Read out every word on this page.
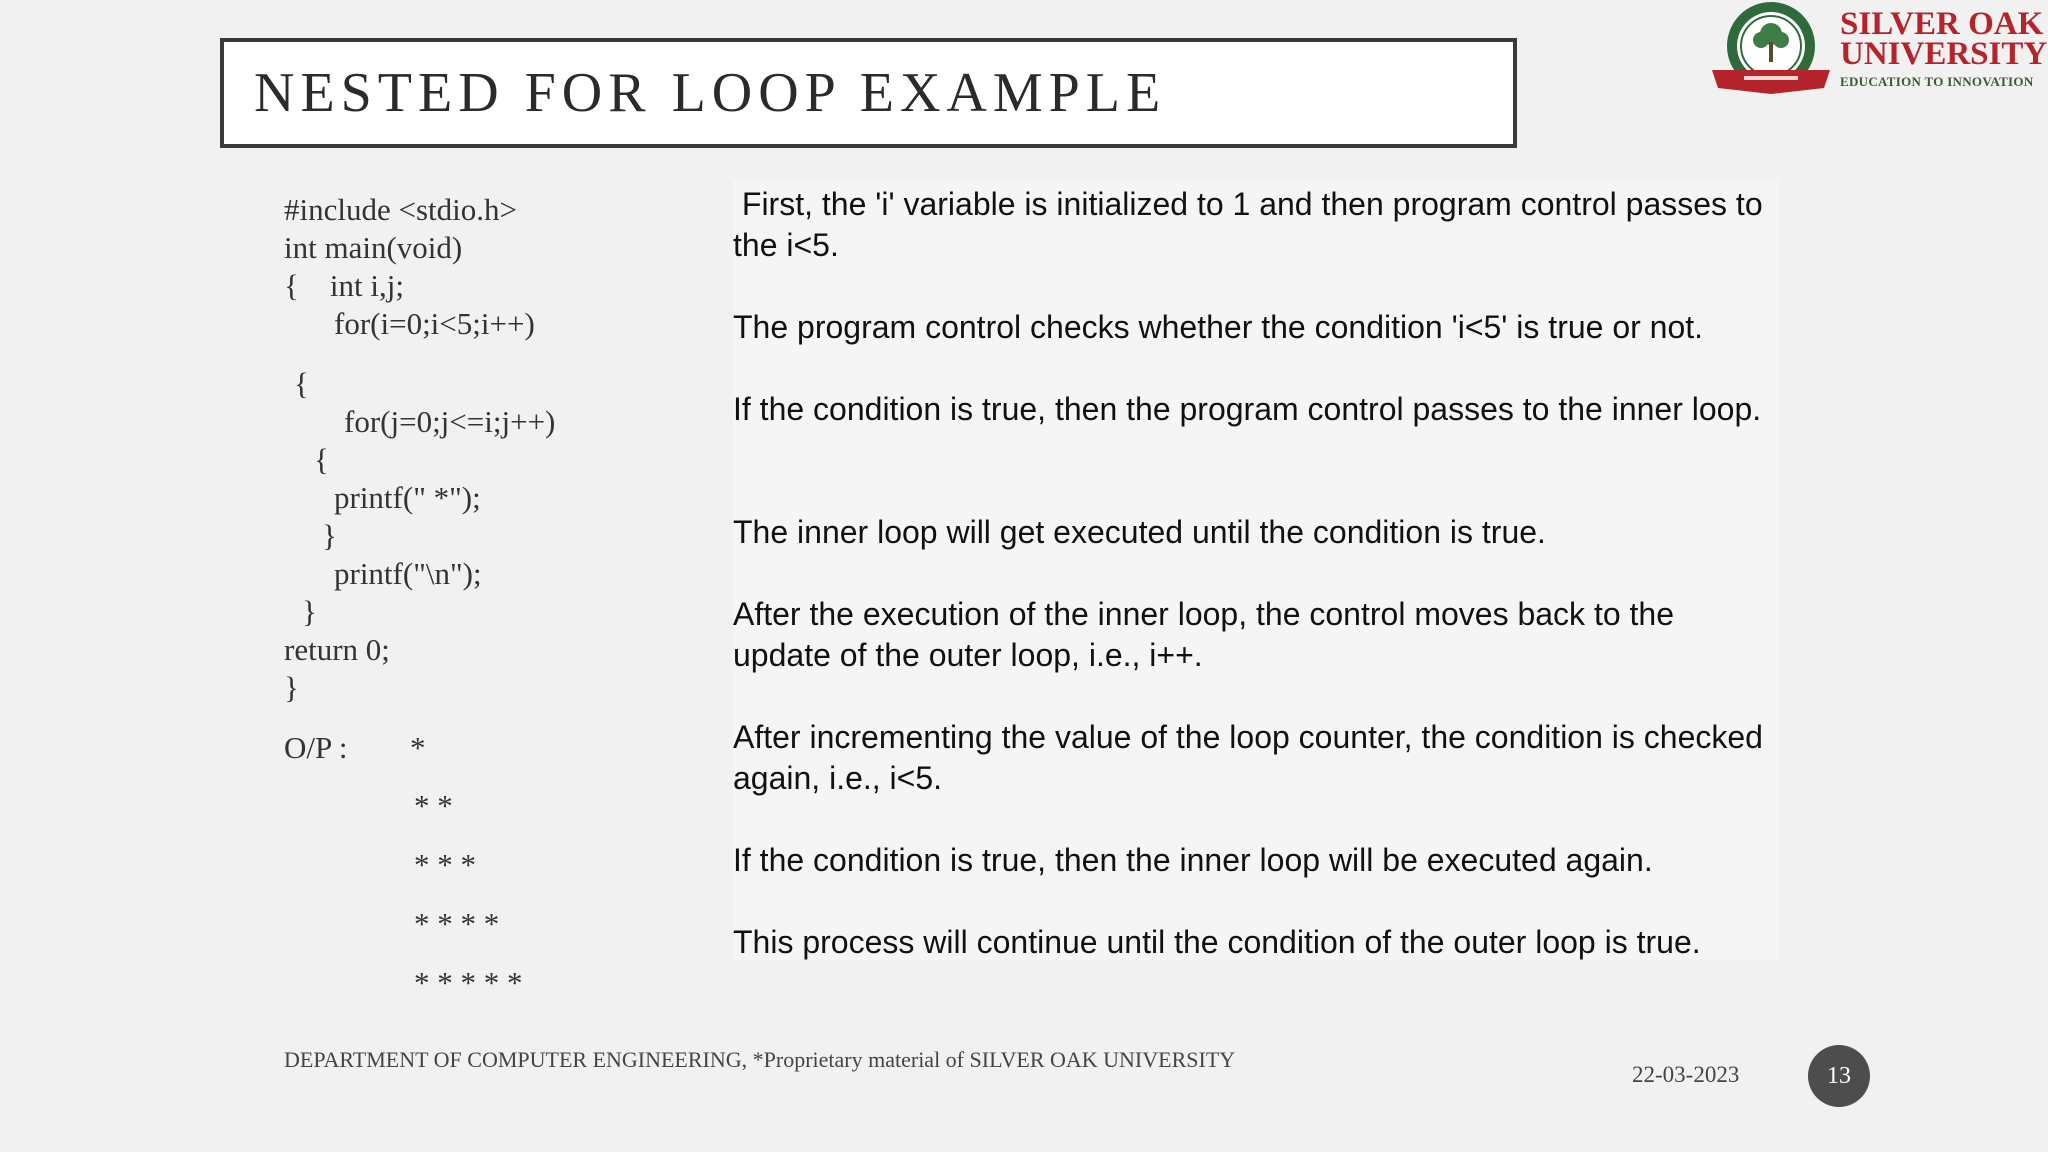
NESTED FOR LOOP EXAMPLE
SILVER OAK
UNIVERSITY
EDUCATION TO INNOVATION
#include <stdio.h>
int main(void)
{    int i,j;
for(i=0;i<5;i++)
{
for(j=0;j<=i;j++)
{
printf(" *");
}
printf("\n");
}
return 0;
}
O/P : *
* *
* * *
* * * *
* * * * *

First, the 'i' variable is initialized to 1 and then program control passes to the i<5.

The program control checks whether the condition 'i<5' is true or not.

If the condition is true, then the program control passes to the inner loop.

The inner loop will get executed until the condition is true.

After the execution of the inner loop, the control moves back to the update of the outer loop, i.e., i++.

After incrementing the value of the loop counter, the condition is checked again, i.e., i<5.

If the condition is true, then the inner loop will be executed again.

This process will continue until the condition of the outer loop is true.

DEPARTMENT OF COMPUTER ENGINEERING, *Proprietary material of SILVER OAK UNIVERSITY
22-03-2023	13
